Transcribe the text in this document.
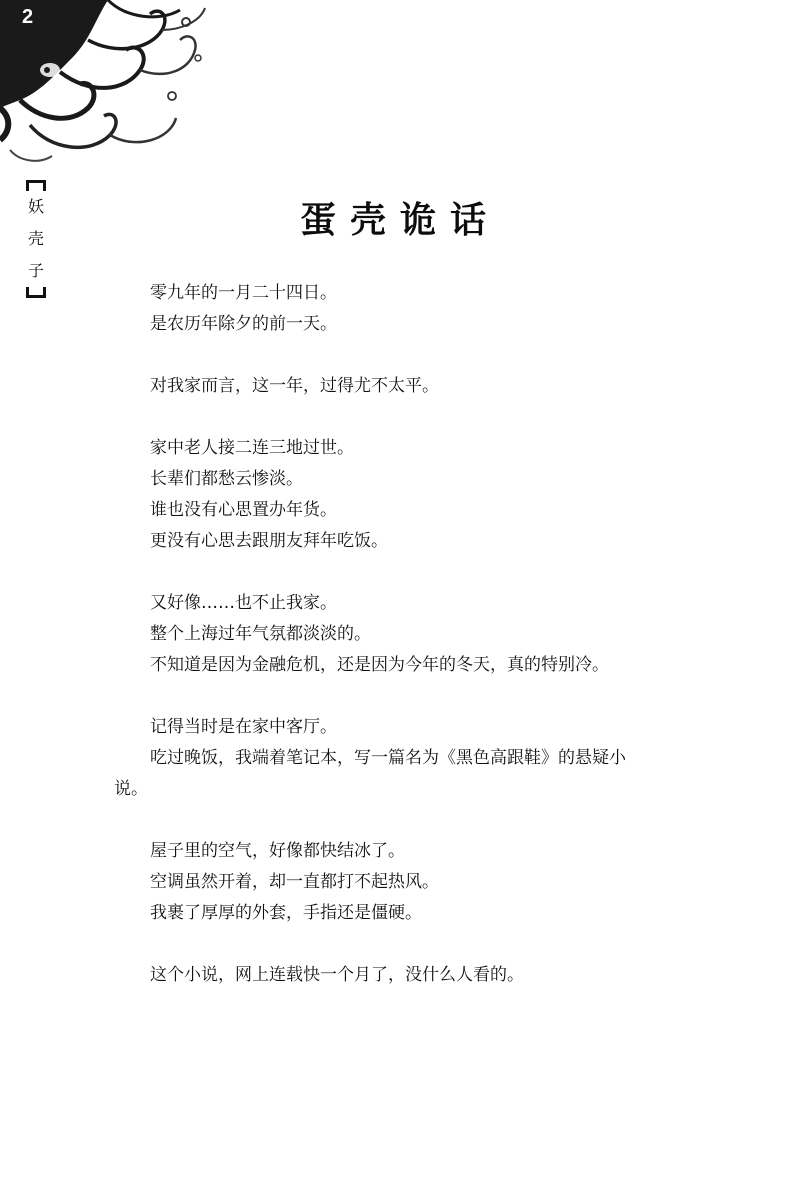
2
妖
壳
子
蛋壳诡话

零九年的一月二十四日。

是农历年除夕的前一天。

对我家而言，这一年，过得尤不太平。

家中老人接二连三地过世。

长辈们都愁云惨淡。

谁也没有心思置办年货。

更没有心思去跟朋友拜年吃饭。

又好像……也不止我家。

整个上海过年气氛都淡淡的。

不知道是因为金融危机，还是因为今年的冬天，真的特别冷。

记得当时是在家中客厅。

吃过晚饭，我端着笔记本，写一篇名为《黑色高跟鞋》的悬疑小

说。

屋子里的空气，好像都快结冰了。

空调虽然开着，却一直都打不起热风。

我裹了厚厚的外套，手指还是僵硬。

这个小说，网上连载快一个月了，没什么人看的。
